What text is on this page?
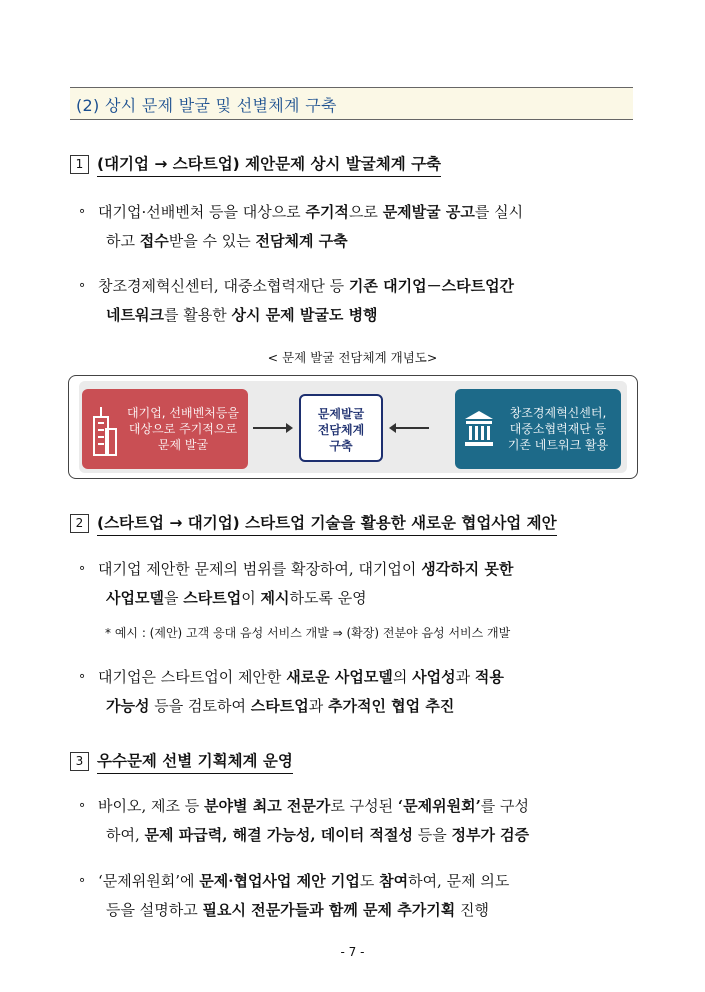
(2) 상시 문제 발굴 및 선별체계 구축
1 (대기업 → 스타트업) 제안문제 상시 발굴체계 구축
∘ 대기업·선배벤처 등을 대상으로 주기적으로 문제발굴 공고를 실시
하고 접수받을 수 있는 전담체계 구축
∘ 창조경제혁신센터, 대중소협력재단 등 기존 대기업－스타트업간
네트워크를 활용한 상시 문제 발굴도 병행
< 문제 발굴 전담체계 개념도>
대기업, 선배벤처등을
대상으로 주기적으로
문제 발굴
문제발굴
전담체계
구축
창조경제혁신센터,
대중소협력재단 등
기존 네트워크 활용
2 (스타트업 → 대기업) 스타트업 기술을 활용한 새로운 협업사업 제안
∘ 대기업 제안한 문제의 범위를 확장하여, 대기업이 생각하지 못한
사업모델을 스타트업이 제시하도록 운영
* 예시 : (제안) 고객 응대 음성 서비스 개발 ⇒ (확장) 전분야 음성 서비스 개발
∘ 대기업은 스타트업이 제안한 새로운 사업모델의 사업성과 적용
가능성 등을 검토하여 스타트업과 추가적인 협업 추진
3 우수문제 선별 기획체계 운영
∘ 바이오, 제조 등 분야별 최고 전문가로 구성된 ‘문제위원회’를 구성
하여, 문제 파급력, 해결 가능성, 데이터 적절성 등을 정부가 검증
∘ ‘문제위원회’에 문제·협업사업 제안 기업도 참여하여, 문제 의도
등을 설명하고 필요시 전문가들과 함께 문제 추가기획 진행
- 7 -
